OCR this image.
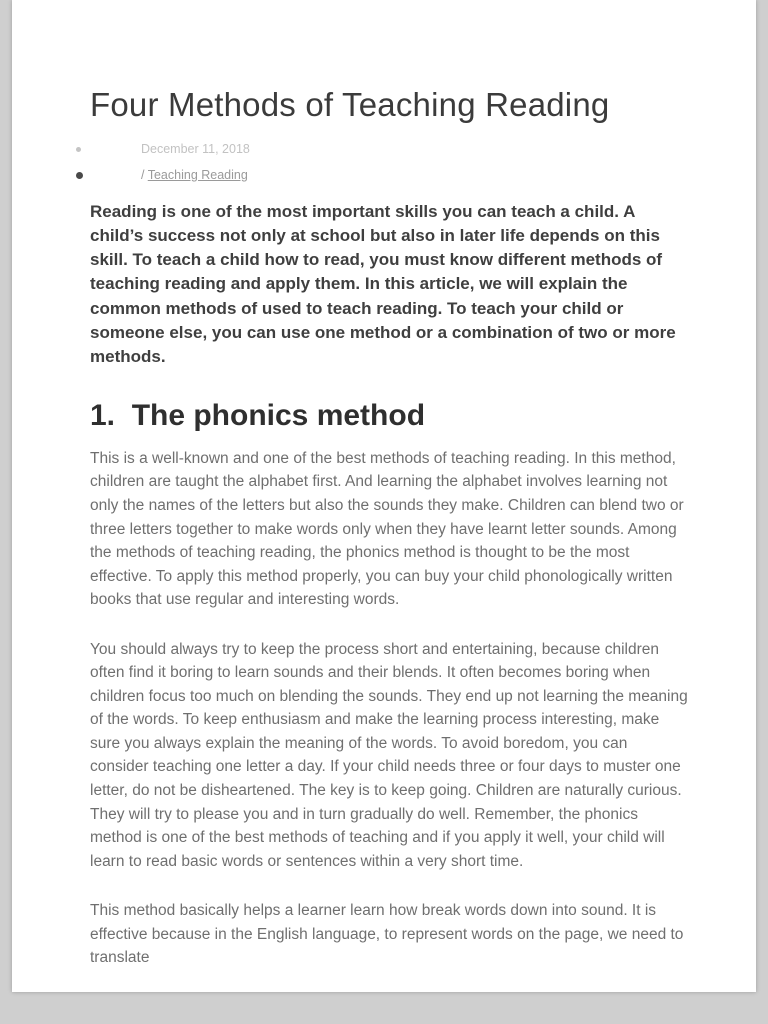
Four Methods of Teaching Reading
December 11, 2018
/ Teaching Reading

Reading is one of the most important skills you can teach a child. A child’s success not only at school but also in later life depends on this skill. To teach a child how to read, you must know different methods of teaching reading and apply them. In this article, we will explain the common methods of used to teach reading. To teach your child or someone else, you can use one method or a combination of two or more methods.

1.  The phonics method

This is a well-known and one of the best methods of teaching reading. In this method, children are taught the alphabet first. And learning the alphabet involves learning not only the names of the letters but also the sounds they make. Children can blend two or three letters together to make words only when they have learnt letter sounds. Among the methods of teaching reading, the phonics method is thought to be the most effective. To apply this method properly, you can buy your child phonologically written books that use regular and interesting words.

You should always try to keep the process short and entertaining, because children often find it boring to learn sounds and their blends. It often becomes boring when children focus too much on blending the sounds. They end up not learning the meaning of the words. To keep enthusiasm and make the learning process interesting, make sure you always explain the meaning of the words. To avoid boredom, you can consider teaching one letter a day. If your child needs three or four days to muster one letter, do not be disheartened. The key is to keep going. Children are naturally curious. They will try to please you and in turn gradually do well. Remember, the phonics method is one of the best methods of teaching and if you apply it well, your child will learn to read basic words or sentences within a very short time.

This method basically helps a learner learn how break words down into sound. It is effective because in the English language, to represent words on the page, we need to translate
